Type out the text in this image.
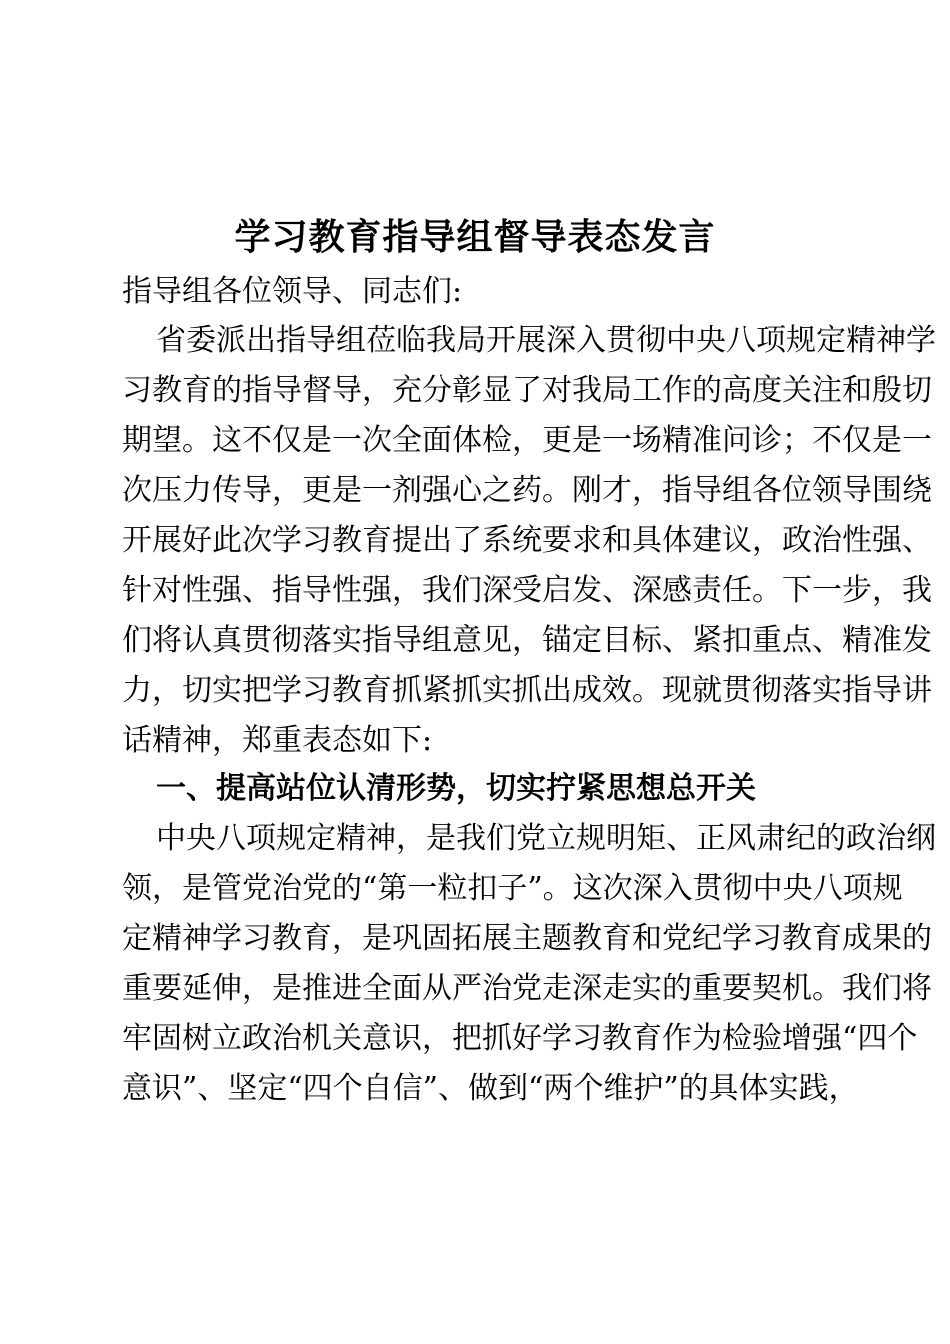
学习教育指导组督导表态发言
指导组各位领导、同志们:
省委派出指导组莅临我局开展深入贯彻中央八项规定精神学
习教育的指导督导，充分彰显了对我局工作的高度关注和殷切
期望。这不仅是一次全面体检，更是一场精准问诊；不仅是一
次压力传导，更是一剂强心之药。刚才，指导组各位领导围绕
开展好此次学习教育提出了系统要求和具体建议，政治性强、
针对性强、指导性强，我们深受启发、深感责任。下一步，我
们将认真贯彻落实指导组意见，锚定目标、紧扣重点、精准发
力，切实把学习教育抓紧抓实抓出成效。现就贯彻落实指导讲
话精神，郑重表态如下:
一、提高站位认清形势，切实拧紧思想总开关
中央八项规定精神，是我们党立规明矩、正风肃纪的政治纲
领，是管党治党的“第一粒扣子”。这次深入贯彻中央八项规
定精神学习教育，是巩固拓展主题教育和党纪学习教育成果的
重要延伸，是推进全面从严治党走深走实的重要契机。我们将
牢固树立政治机关意识，把抓好学习教育作为检验增强“四个
意识”、坚定“四个自信”、做到“两个维护”的具体实践，
